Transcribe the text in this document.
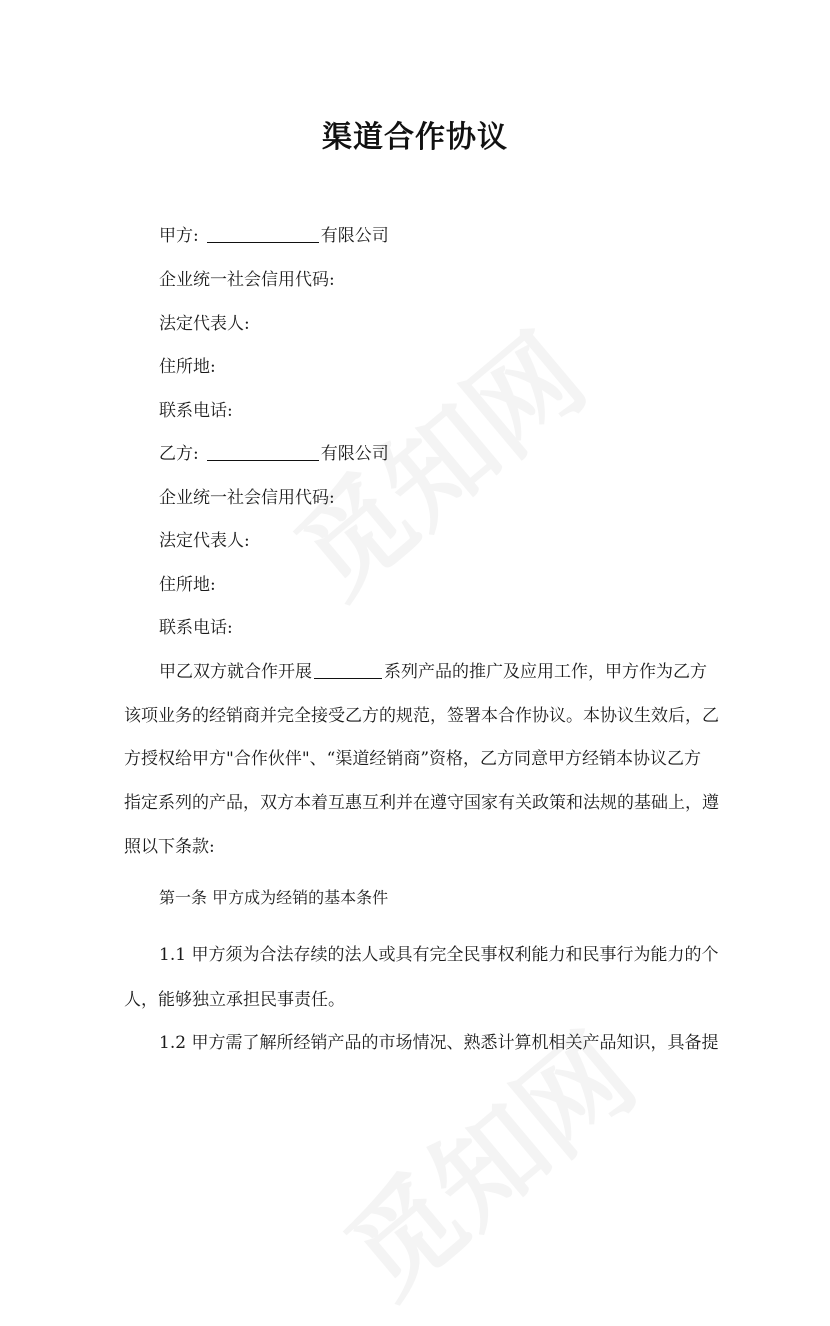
渠道合作协议
甲方:	有限公司
企业统一社会信用代码:
法定代表人:
住所地:
联系电话:
乙方:	有限公司
企业统一社会信用代码:
法定代表人:
住所地:
联系电话:
甲乙双方就合作开展	系列产品的推广及应用工作，甲方作为乙方
该项业务的经销商并完全接受乙方的规范，签署本合作协议。本协议生效后，乙
方授权给甲方"合作伙伴"、“渠道经销商”资格，乙方同意甲方经销本协议乙方
指定系列的产品，双方本着互惠互利并在遵守国家有关政策和法规的基础上，遵
照以下条款:
第一条 甲方成为经销的基本条件
1.1 甲方须为合法存续的法人或具有完全民事权利能力和民事行为能力的个
人，能够独立承担民事责任。
1.2 甲方需了解所经销产品的市场情况、熟悉计算机相关产品知识，具备提
